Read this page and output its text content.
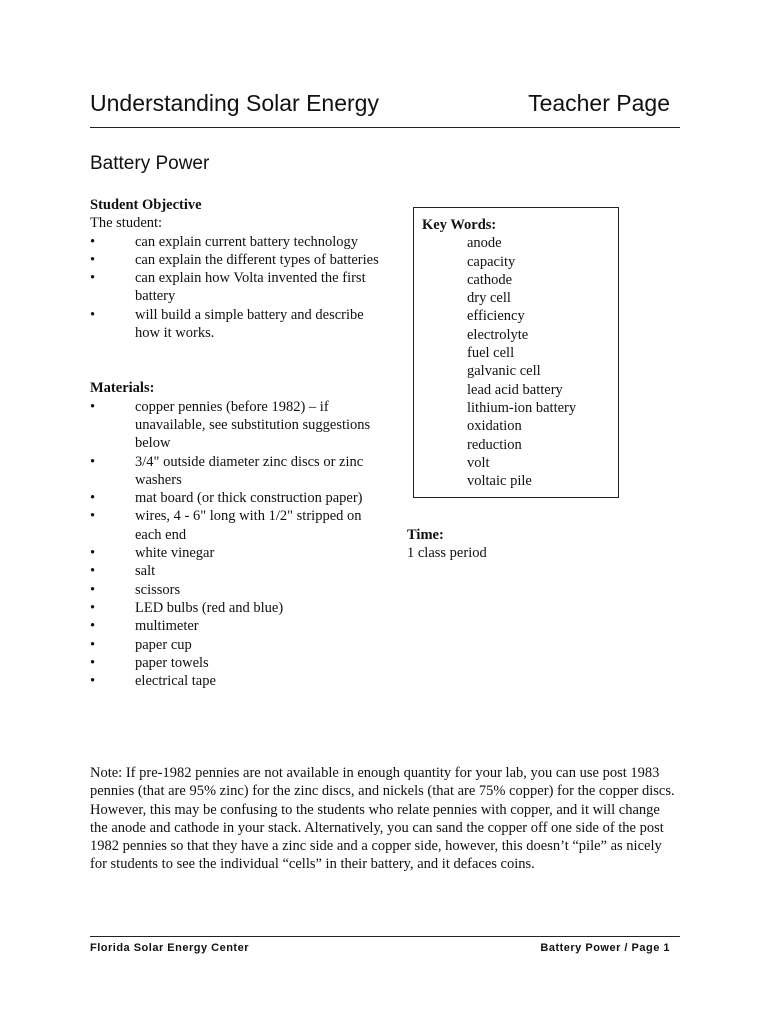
Understanding Solar Energy	Teacher Page
Battery Power
Student Objective
The student:
• can explain current battery technology
• can explain the different types of batteries
• can explain how Volta invented the first battery
• will build a simple battery and describe how it works.
Materials:
• copper pennies (before 1982) – if unavailable, see substitution suggestions below
• 3/4" outside diameter zinc discs or zinc washers
• mat board (or thick construction paper)
• wires, 4 - 6" long with 1/2" stripped on each end
• white vinegar
• salt
• scissors
• LED bulbs (red and blue)
• multimeter
• paper cup
• paper towels
• electrical tape
Key Words:
anode
capacity
cathode
dry cell
efficiency
electrolyte
fuel cell
galvanic cell
lead acid battery
lithium-ion battery
oxidation
reduction
volt
voltaic pile
Time:
1 class period
Note: If pre-1982 pennies are not available in enough quantity for your lab, you can use post 1983 pennies (that are 95% zinc) for the zinc discs, and nickels (that are 75% copper) for the copper discs. However, this may be confusing to the students who relate pennies with copper, and it will change the anode and cathode in your stack. Alternatively, you can sand the copper off one side of the post 1982 pennies so that they have a zinc side and a copper side, however, this doesn’t “pile” as nicely for students to see the individual “cells” in their battery, and it defaces coins.
Florida Solar Energy Center	Battery Power / Page 1
